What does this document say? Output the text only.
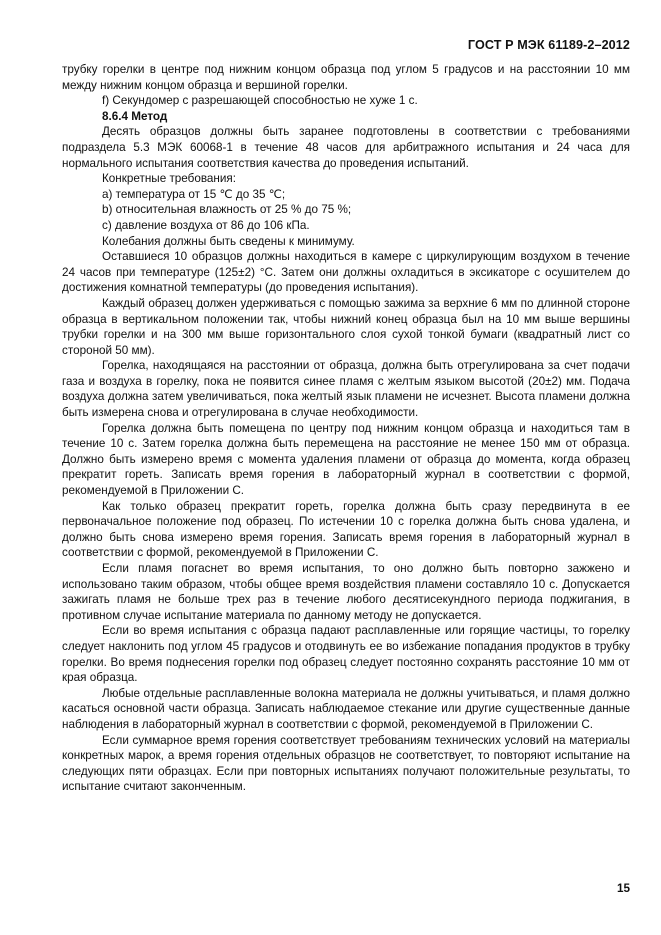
ГОСТ Р МЭК 61189-2–2012

трубку горелки в центре под нижним концом образца под углом 5 градусов и на расстоянии 10 мм между нижним концом образца и вершиной горелки.

f) Секундомер с разрешающей способностью не хуже 1 с.

8.6.4 Метод

Десять образцов должны быть заранее подготовлены в соответствии с требованиями подраздела 5.3 МЭК 60068-1 в течение 48 часов для арбитражного испытания и 24 часа для нормального испытания соответствия качества до проведения испытаний.

Конкретные требования:

a) температура от 15 ℃ до 35 ℃;

b) относительная влажность от 25 % до 75 %;

c) давление воздуха от 86 до 106 кПа.

Колебания должны быть сведены к минимуму.

Оставшиеся 10 образцов должны находиться в камере с циркулирующим воздухом в течение 24 часов при температуре (125±2) °С. Затем они должны охладиться в эксикаторе с осушителем до достижения комнатной температуры (до проведения испытания).

Каждый образец должен удерживаться с помощью зажима за верхние 6 мм по длинной стороне образца в вертикальном положении так, чтобы нижний конец образца был на 10 мм выше вершины трубки горелки и на 300 мм выше горизонтального слоя сухой тонкой бумаги (квадратный лист со стороной 50 мм).

Горелка, находящаяся на расстоянии от образца, должна быть отрегулирована за счет подачи газа и воздуха в горелку, пока не появится синее пламя с желтым языком высотой (20±2) мм. Подача воздуха должна затем увеличиваться, пока желтый язык пламени не исчезнет. Высота пламени должна быть измерена снова и отрегулирована в случае необходимости.

Горелка должна быть помещена по центру под нижним концом образца и находиться там в течение 10 с. Затем горелка должна быть перемещена на расстояние не менее 150 мм от образца. Должно быть измерено время с момента удаления пламени от образца до момента, когда образец прекратит гореть. Записать время горения в лабораторный журнал в соответствии с формой, рекомендуемой в Приложении С.

Как только образец прекратит гореть, горелка должна быть сразу передвинута в ее первоначальное положение под образец. По истечении 10 с горелка должна быть снова удалена, и должно быть снова измерено время горения. Записать время горения в лабораторный журнал в соответствии с формой, рекомендуемой в Приложении С.

Если пламя погаснет во время испытания, то оно должно быть повторно зажжено и использовано таким образом, чтобы общее время воздействия пламени составляло 10 с. Допускается зажигать пламя не больше трех раз в течение любого десятисекундного периода поджигания, в противном случае испытание материала по данному методу не допускается.

Если во время испытания с образца падают расплавленные или горящие частицы, то горелку следует наклонить под углом 45 градусов и отодвинуть ее во избежание попадания продуктов в трубку горелки. Во время поднесения горелки под образец следует постоянно сохранять расстояние 10 мм от края образца.

Любые отдельные расплавленные волокна материала не должны учитываться, и пламя должно касаться основной части образца. Записать наблюдаемое стекание или другие существенные данные наблюдения в лабораторный журнал в соответствии с формой, рекомендуемой в Приложении С.

Если суммарное время горения соответствует требованиям технических условий на материалы конкретных марок, а время горения отдельных образцов не соответствует, то повторяют испытание на следующих пяти образцах. Если при повторных испытаниях получают положительные результаты, то испытание считают законченным.

15
